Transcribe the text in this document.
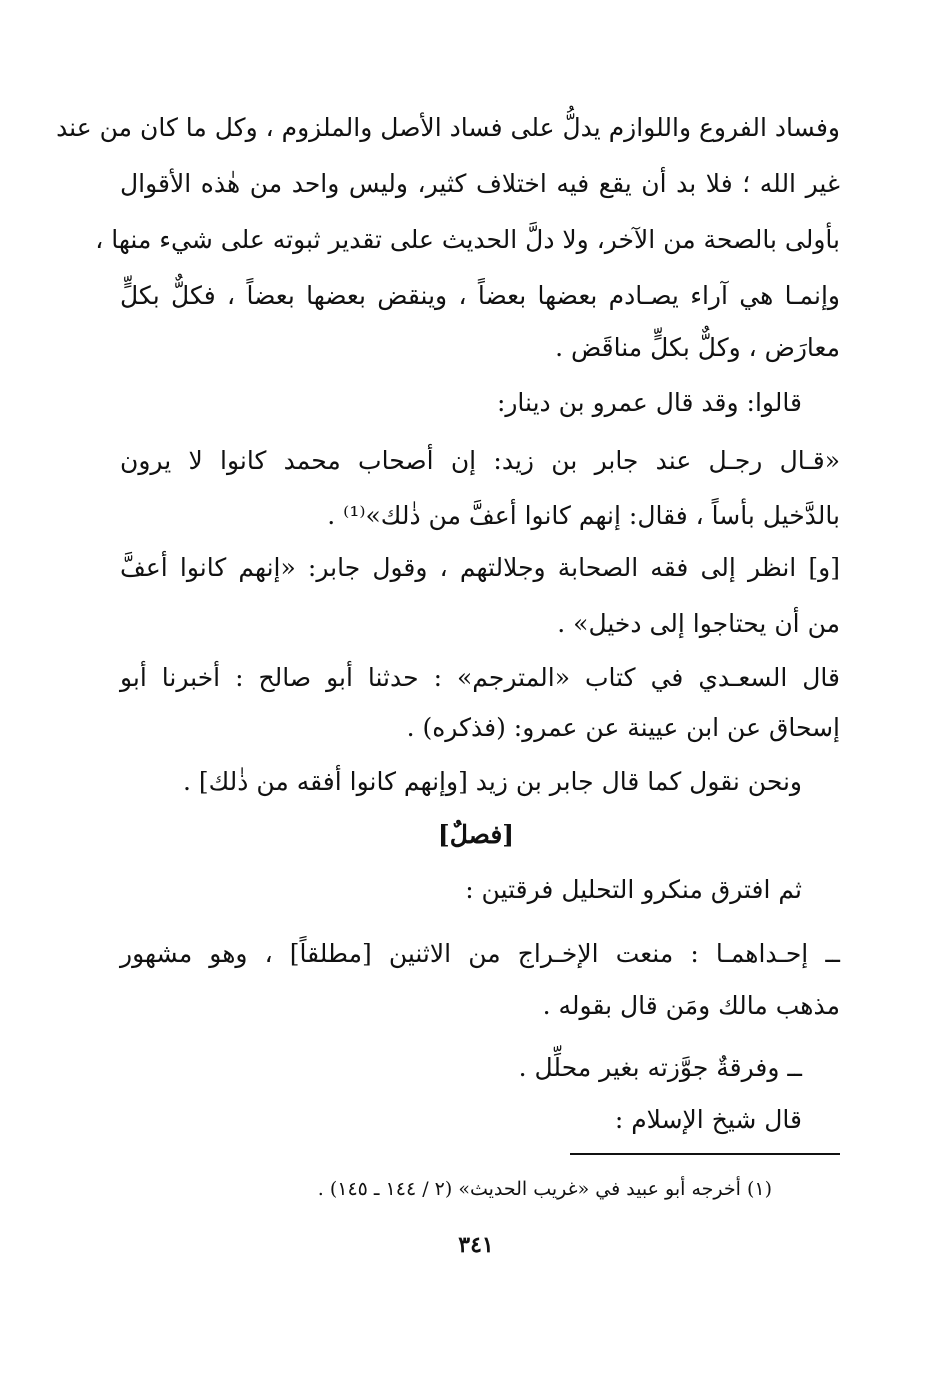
وفساد الفروع واللوازم يدلُّ على فساد الأصل والملزوم ، وكل ما كان من عند
غير الله ؛ فلا بد أن يقع فيه اختلاف كثير، وليس واحد من هٰذه الأقوال
بأولى بالصحة من الآخر، ولا دلَّ الحديث على تقدير ثبوته على شيء منها ،
وإنمـا هي آراء يصـادم بعضها بعضاً ، وينقض بعضها بعضاً ، فكلٌّ بكلٍّ
معارَض ، وكلٌّ بكلٍّ مناقَض .
قالوا: وقد قال عمرو بن دينار:
«قـال رجـل عند جابر بن زيد: إن أصحاب محمد كانوا لا يرون
بالدَّخيل بأساً ، فقال: إنهم كانوا أعفَّ من ذٰلك»⁽¹⁾ .
[و] انظر إلى فقه الصحابة وجلالتهم ، وقول جابر: «إنهم كانوا أعفَّ
من أن يحتاجوا إلى دخيل» .
قال السعـدي في كتاب «المترجم» : حدثنا أبو صالح : أخبرنا أبو
إسحاق عن ابن عيينة عن عمرو: (فذكره) .
ونحن نقول كما قال جابر بن زيد [وإنهم كانوا أفقه من ذٰلك] .
[فصلٌ]
ثم افترق منكرو التحليل فرقتين :
ــ إحـداهمـا : منعت الإخـراج من الاثنين [مطلقاً] ، وهو مشهور
مذهب مالك ومَن قال بقوله .
ــ وفرقةٌ جوَّزته بغير محلِّل .
قال شيخ الإسلام :
(١) أخرجه أبو عبيد في «غريب الحديث» (٢ / ١٤٤ ـ ١٤٥) .
٣٤١
